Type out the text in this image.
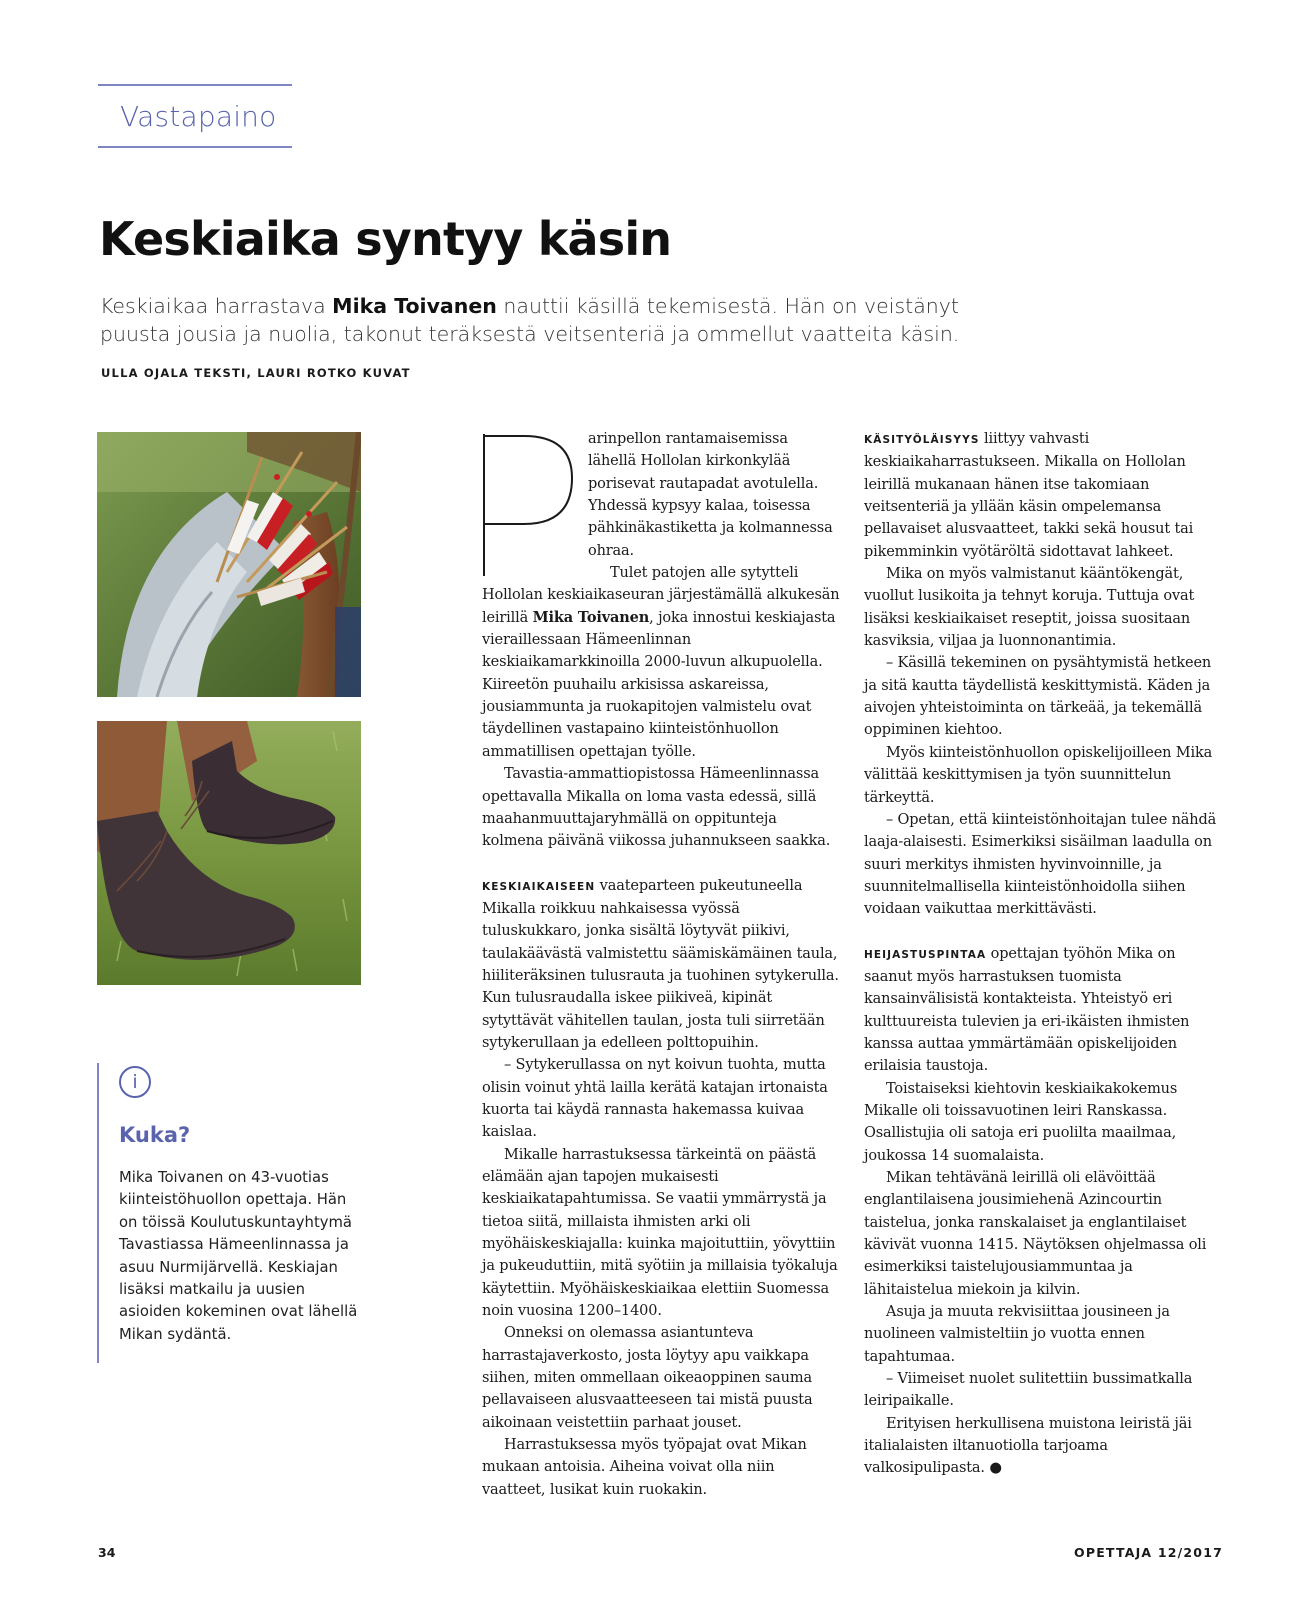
Vastapaino
Keskiaika syntyy käsin

Keskiaikaa harrastava Mika Toivanen nauttii käsillä tekemisestä. Hän on veistänyt puusta jousia ja nuolia, takonut teräksestä veitsenteriä ja ommellut vaatteita käsin.

ULLA OJALA TEKSTI, LAURI ROTKO KUVAT

i
Kuka?

Mika Toivanen on 43-vuotias kiinteistöhuollon opettaja. Hän on töissä Koulutuskuntayhtymä Tavastiassa Hämeenlinnassa ja asuu Nurmijärvellä. Keskiajan lisäksi matkailu ja uusien asioiden kokeminen ovat lähellä Mikan sydäntä.

arinpellon rantamaisemissa lähellä Hollolan kirkonkylää porisevat rautapadat avotulella. Yhdessä kypsyy kalaa, toisessa pähkinäkastiketta ja kolmannessa ohraa.

Tulet patojen alle sytytteli Hollolan keskiaikaseuran järjestämällä alkukesän leirillä Mika Toivanen, joka innostui keskiajasta vieraillessaan Hämeenlinnan keskiaikamarkkinoilla 2000-luvun alkupuolella. Kiireetön puuhailu arkisissa askareissa, jousiammunta ja ruokapitojen valmistelu ovat täydellinen vastapaino kiinteistönhuollon ammatillisen opettajan työlle.

Tavastia-ammattiopistossa Hämeenlinnassa opettavalla Mikalla on loma vasta edessä, sillä maahanmuuttajaryhmällä on oppitunteja kolmena päivänä viikossa juhannukseen saakka.

KESKIAIKAISEEN vaateparteen pukeutuneella Mikalla roikkuu nahkaisessa vyössä tuluskukkaro, jonka sisältä löytyvät piikivi, taulakäävästä valmistettu säämiskämäinen taula, hiiliteräksinen tulusrauta ja tuohinen sytykerulla. Kun tulusraudalla iskee piikiveä, kipinät sytyttävät vähitellen taulan, josta tuli siirretään sytykerullaan ja edelleen polttopuihin.

– Sytykerullassa on nyt koivun tuohta, mutta olisin voinut yhtä lailla kerätä katajan irtonaista kuorta tai käydä rannasta hakemassa kuivaa kaislaa.

Mikalle harrastuksessa tärkeintä on päästä elämään ajan tapojen mukaisesti keskiaikatapahtumissa. Se vaatii ymmärrystä ja tietoa siitä, millaista ihmisten arki oli myöhäiskeskiajalla: kuinka majoituttiin, yövyttiin ja pukeuduttiin, mitä syötiin ja millaisia työkaluja käytettiin. Myöhäiskeskiaikaa elettiin Suomessa noin vuosina 1200–1400.

Onneksi on olemassa asiantunteva harrastajaverkosto, josta löytyy apu vaikkapa siihen, miten ommellaan oikeaoppinen sauma pellavaiseen alusvaatteeseen tai mistä puusta aikoinaan veistettiin parhaat jouset.

Harrastuksessa myös työpajat ovat Mikan mukaan antoisia. Aiheina voivat olla niin vaatteet, lusikat kuin ruokakin.

KÄSITYÖLÄISYYS liittyy vahvasti keskiaikaharrastukseen. Mikalla on Hollolan leirillä mukanaan hänen itse takomiaan veitsenteriä ja yllään käsin ompelemansa pellavaiset alusvaatteet, takki sekä housut tai pikemminkin vyötäröltä sidottavat lahkeet.

Mika on myös valmistanut kääntökengät, vuollut lusikoita ja tehnyt koruja. Tuttuja ovat lisäksi keskiaikaiset reseptit, joissa suositaan kasviksia, viljaa ja luonnonantimia.

– Käsillä tekeminen on pysähtymistä hetkeen ja sitä kautta täydellistä keskittymistä. Käden ja aivojen yhteistoiminta on tärkeää, ja tekemällä oppiminen kiehtoo.

Myös kiinteistönhuollon opiskelijoilleen Mika välittää keskittymisen ja työn suunnittelun tärkeyttä.

– Opetan, että kiinteistönhoitajan tulee nähdä laaja-alaisesti. Esimerkiksi sisäilman laadulla on suuri merkitys ihmisten hyvinvoinnille, ja suunnitelmallisella kiinteistönhoidolla siihen voidaan vaikuttaa merkittävästi.

HEIJASTUSPINTAA opettajan työhön Mika on saanut myös harrastuksen tuomista kansainvälisistä kontakteista. Yhteistyö eri kulttuureista tulevien ja eri-ikäisten ihmisten kanssa auttaa ymmärtämään opiskelijoiden erilaisia taustoja.

Toistaiseksi kiehtovin keskiaikakokemus Mikalle oli toissavuotinen leiri Ranskassa. Osallistujia oli satoja eri puolilta maailmaa, joukossa 14 suomalaista.

Mikan tehtävänä leirillä oli elävöittää englantilaisena jousimiehenä Azincourtin taistelua, jonka ranskalaiset ja englantilaiset kävivät vuonna 1415. Näytöksen ohjelmassa oli esimerkiksi taistelujousiammuntaa ja lähitaistelua miekoin ja kilvin.

Asuja ja muuta rekvisiittaa jousineen ja nuolineen valmisteltiin jo vuotta ennen tapahtumaa.

– Viimeiset nuolet sulitettiin bussimatkalla leiripaikalle.

Erityisen herkullisena muistona leiristä jäi italialaisten iltanuotiolla tarjoama valkosipulipasta. ●

34	OPETTAJA 12/2017
